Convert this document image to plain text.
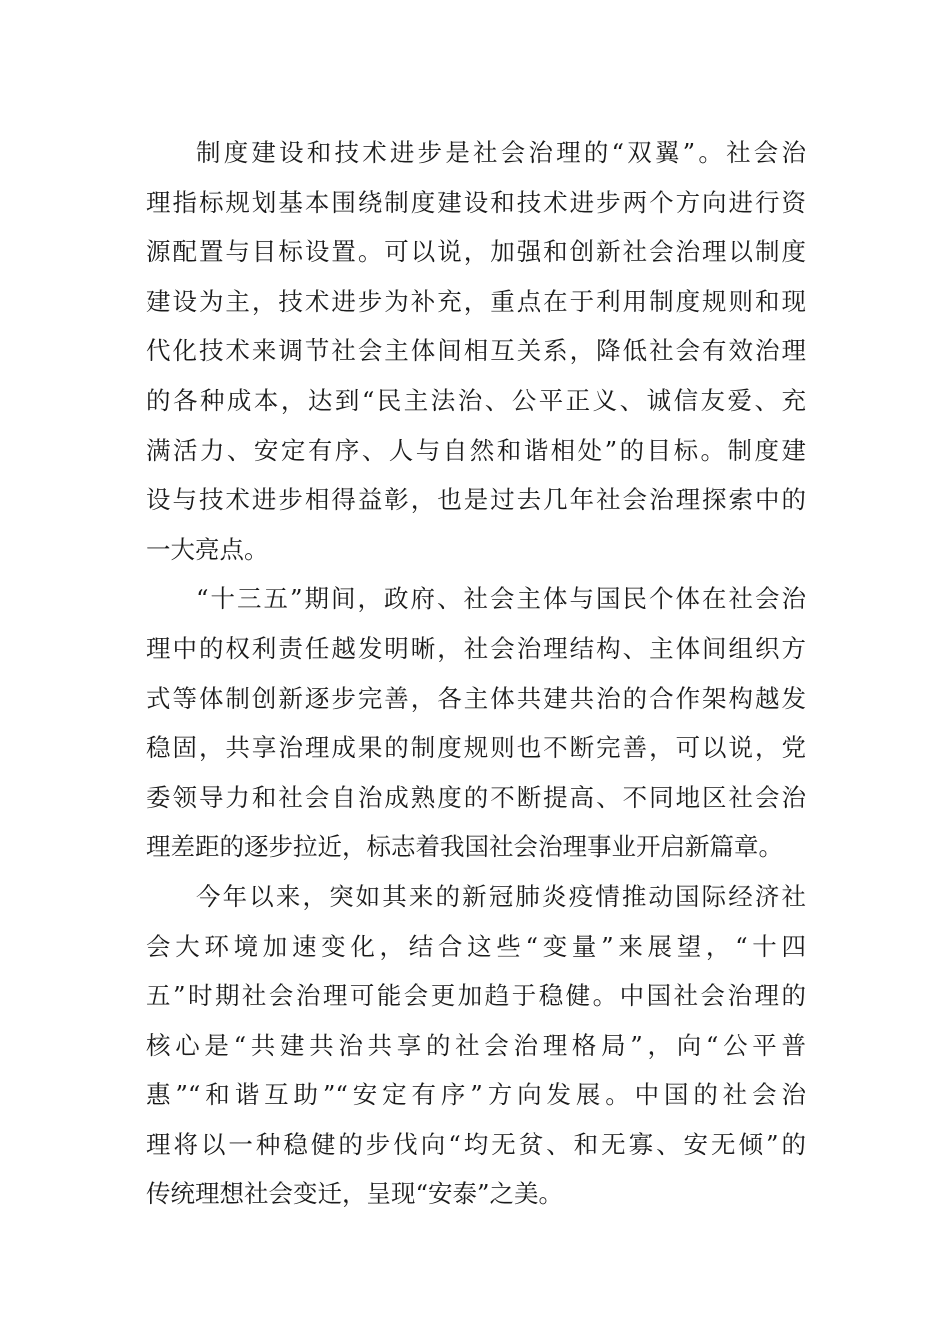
制度建设和技术进步是社会治理的“双翼”。社会治
理指标规划基本围绕制度建设和技术进步两个方向进行资
源配置与目标设置。可以说，加强和创新社会治理以制度
建设为主，技术进步为补充，重点在于利用制度规则和现
代化技术来调节社会主体间相互关系，降低社会有效治理
的各种成本，达到“民主法治、公平正义、诚信友爱、充
满活力、安定有序、人与自然和谐相处”的目标。制度建
设与技术进步相得益彰，也是过去几年社会治理探索中的
一大亮点。
“十三五”期间，政府、社会主体与国民个体在社会治
理中的权利责任越发明晰，社会治理结构、主体间组织方
式等体制创新逐步完善，各主体共建共治的合作架构越发
稳固，共享治理成果的制度规则也不断完善，可以说，党
委领导力和社会自治成熟度的不断提高、不同地区社会治
理差距的逐步拉近，标志着我国社会治理事业开启新篇章。
今年以来，突如其来的新冠肺炎疫情推动国际经济社
会大环境加速变化，结合这些“变量”来展望，“十四
五”时期社会治理可能会更加趋于稳健。中国社会治理的
核心是“共建共治共享的社会治理格局”，向“公平普
惠”“和谐互助”“安定有序”方向发展。中国的社会治
理将以一种稳健的步伐向“均无贫、和无寡、安无倾”的
传统理想社会变迁，呈现“安泰”之美。
